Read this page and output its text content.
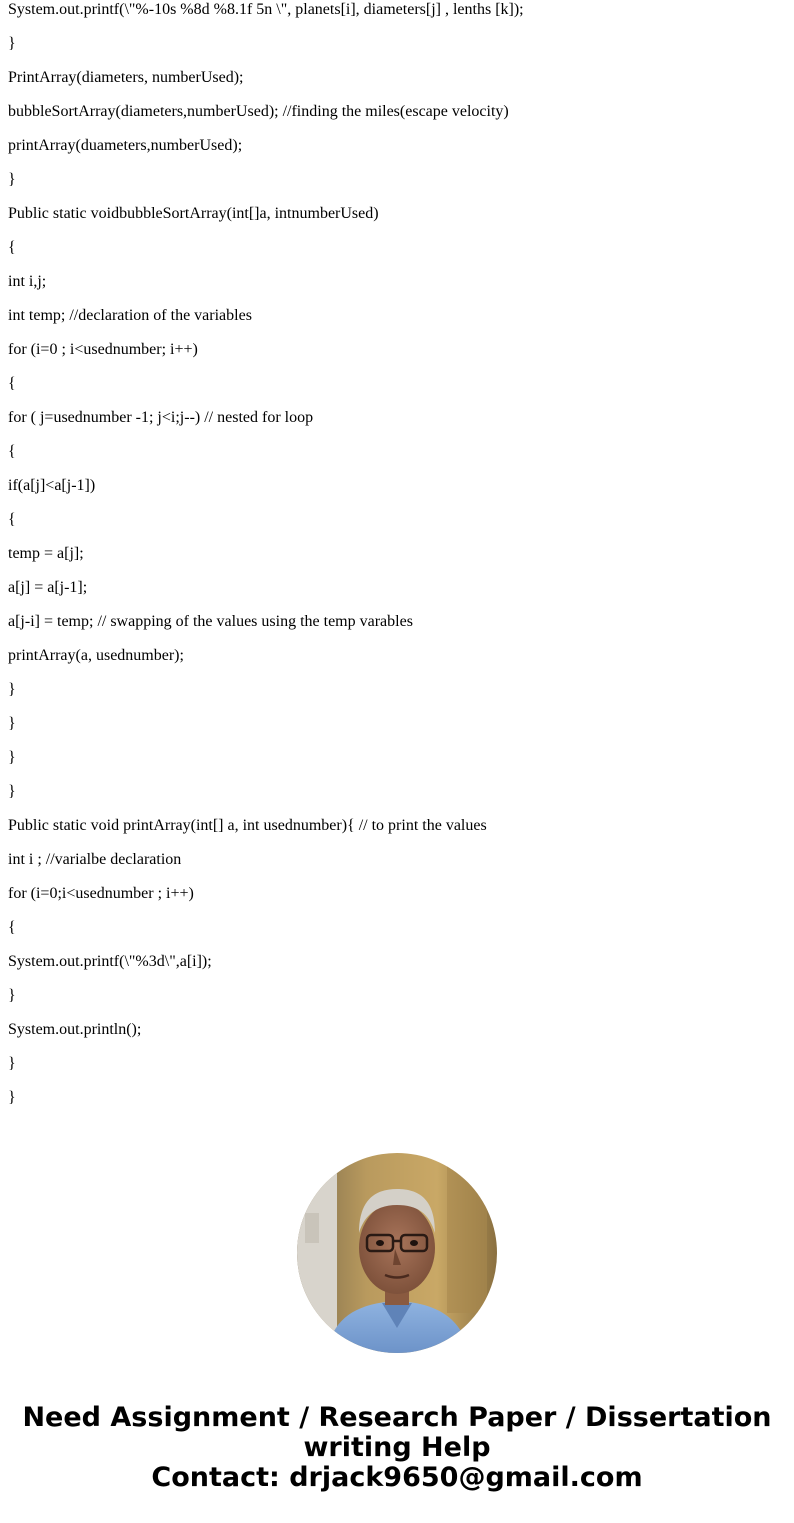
System.out.printf(\"%-10s %8d %8.1f 5n \", planets[i], diameters[j] , lenths [k]);
}
PrintArray(diameters, numberUsed);
bubbleSortArray(diameters,numberUsed); //finding the miles(escape velocity)
printArray(duameters,numberUsed);
}
Public static voidbubbleSortArray(int[]a, intnumberUsed)
{
int i,j;
int temp; //declaration of the variables
for (i=0 ; i<usednumber; i++)
{
for ( j=usednumber -1; j<i;j--) // nested for loop
{
if(a[j]<a[j-1])
{
temp = a[j];
a[j] = a[j-1];
a[j-i] = temp; // swapping of the values using the temp varables
printArray(a, usednumber);
}
}
}
}
Public static void printArray(int[] a, int usednumber){ // to print the values
int i ; //varialbe declaration
for (i=0;i<usednumber ; i++)
{
System.out.printf(\"%3d\",a[i]);
}
System.out.println();
}
}
Need Assignment / Research Paper / Dissertation
writing Help
Contact: drjack9650@gmail.com
